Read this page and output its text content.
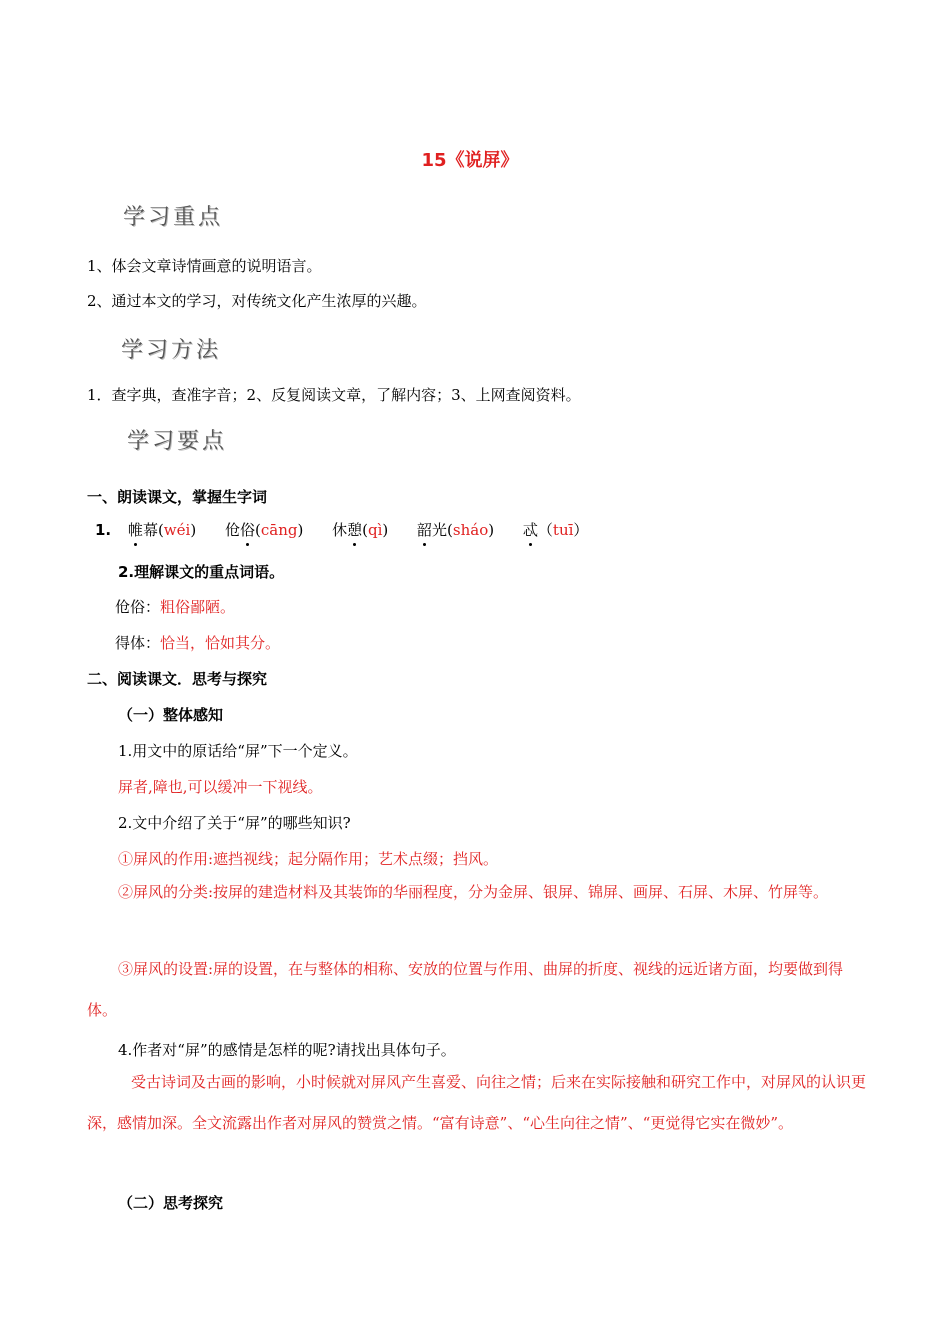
15《说屏》
学习重点
1、体会文章诗情画意的说明语言。
2、通过本文的学习，对传统文化产生浓厚的兴趣。
学习方法
1．查字典，查准字音；2、反复阅读文章，了解内容；3、上网查阅资料。
学习要点
一、朗读课文，掌握生字词
1. 帷幕(wéi) 伧俗(cāng) 休憩(qì) 韶光(sháo) 忒（tuī）
2.理解课文的重点词语。
伧俗：粗俗鄙陋。
得体：恰当，恰如其分。
二、阅读课文．思考与探究
（一）整体感知
1.用文中的原话给“屏”下一个定义。
屏者,障也,可以缓冲一下视线。
2.文中介绍了关于“屏”的哪些知识?
①屏风的作用:遮挡视线；起分隔作用；艺术点缀；挡风。
②屏风的分类:按屏的建造材料及其装饰的华丽程度，分为金屏、银屏、锦屏、画屏、石屏、木屏、竹屏等。
③屏风的设置:屏的设置，在与整体的相称、安放的位置与作用、曲屏的折度、视线的远近诸方面，均要做到得体。
4.作者对“屏”的感情是怎样的呢?请找出具体句子。
受古诗词及古画的影响，小时候就对屏风产生喜爱、向往之情；后来在实际接触和研究工作中，对屏风的认识更深，感情加深。全文流露出作者对屏风的赞赏之情。“富有诗意”、“心生向往之情”、“更觉得它实在微妙”。
（二）思考探究
